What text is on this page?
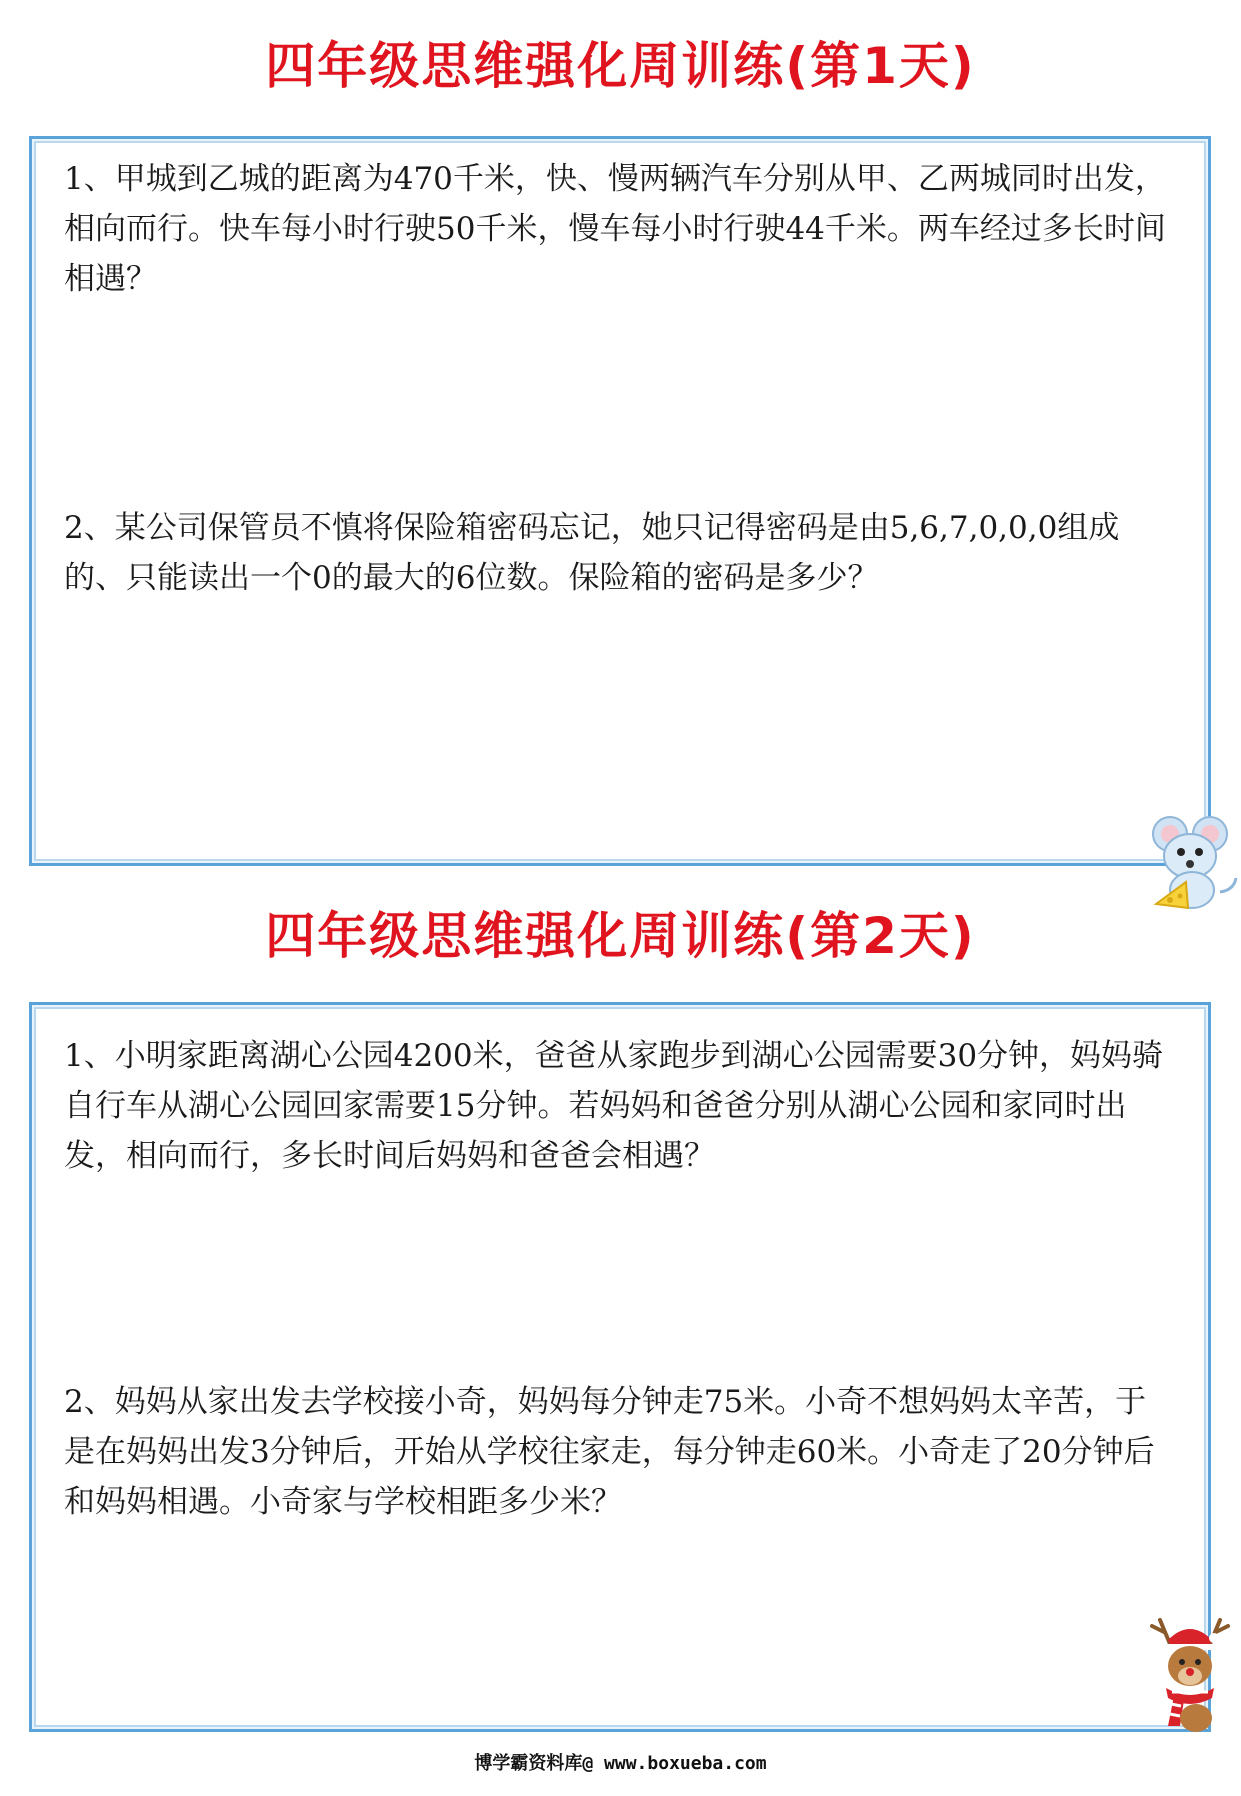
四年级思维强化周训练(第1天)

1、甲城到乙城的距离为470千米，快、慢两辆汽车分别从甲、乙两城同时出发，相向而行。快车每小时行驶50千米，慢车每小时行驶44千米。两车经过多长时间相遇？

2、某公司保管员不慎将保险箱密码忘记，她只记得密码是由5,6,7,0,0,0组成的、只能读出一个0的最大的6位数。保险箱的密码是多少？

四年级思维强化周训练(第2天)

1、小明家距离湖心公园4200米，爸爸从家跑步到湖心公园需要30分钟，妈妈骑自行车从湖心公园回家需要15分钟。若妈妈和爸爸分别从湖心公园和家同时出发，相向而行，多长时间后妈妈和爸爸会相遇？

2、妈妈从家出发去学校接小奇，妈妈每分钟走75米。小奇不想妈妈太辛苦，于是在妈妈出发3分钟后，开始从学校往家走，每分钟走60米。小奇走了20分钟后和妈妈相遇。小奇家与学校相距多少米？

博学霸资料库@ www.boxueba.com
